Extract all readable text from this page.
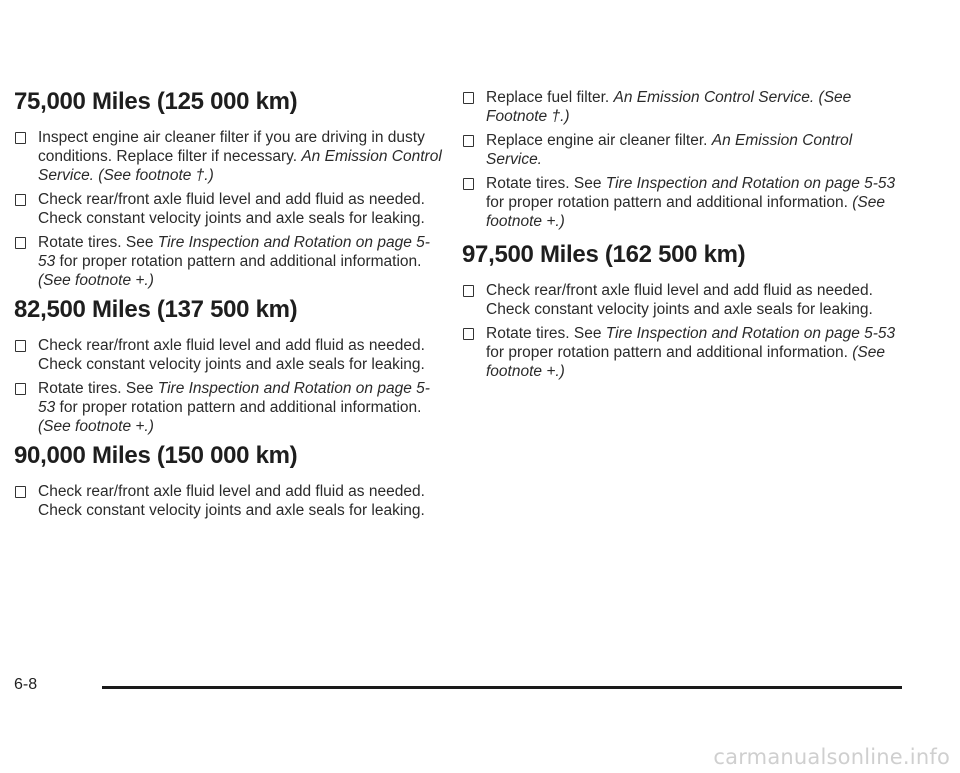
75,000 Miles (125 000 km)
Inspect engine air cleaner filter if you are driving in dusty conditions. Replace filter if necessary. An Emission Control Service. (See footnote †.)
Check rear/front axle fluid level and add fluid as needed. Check constant velocity joints and axle seals for leaking.
Rotate tires. See Tire Inspection and Rotation on page 5-53 for proper rotation pattern and additional information. (See footnote +.)
82,500 Miles (137 500 km)
Check rear/front axle fluid level and add fluid as needed. Check constant velocity joints and axle seals for leaking.
Rotate tires. See Tire Inspection and Rotation on page 5-53 for proper rotation pattern and additional information. (See footnote +.)
90,000 Miles (150 000 km)
Check rear/front axle fluid level and add fluid as needed. Check constant velocity joints and axle seals for leaking.
Replace fuel filter. An Emission Control Service. (See Footnote †.)
Replace engine air cleaner filter. An Emission Control Service.
Rotate tires. See Tire Inspection and Rotation on page 5-53 for proper rotation pattern and additional information. (See footnote +.)
97,500 Miles (162 500 km)
Check rear/front axle fluid level and add fluid as needed. Check constant velocity joints and axle seals for leaking.
Rotate tires. See Tire Inspection and Rotation on page 5-53 for proper rotation pattern and additional information. (See footnote +.)
6-8
carmanualsonline.info
